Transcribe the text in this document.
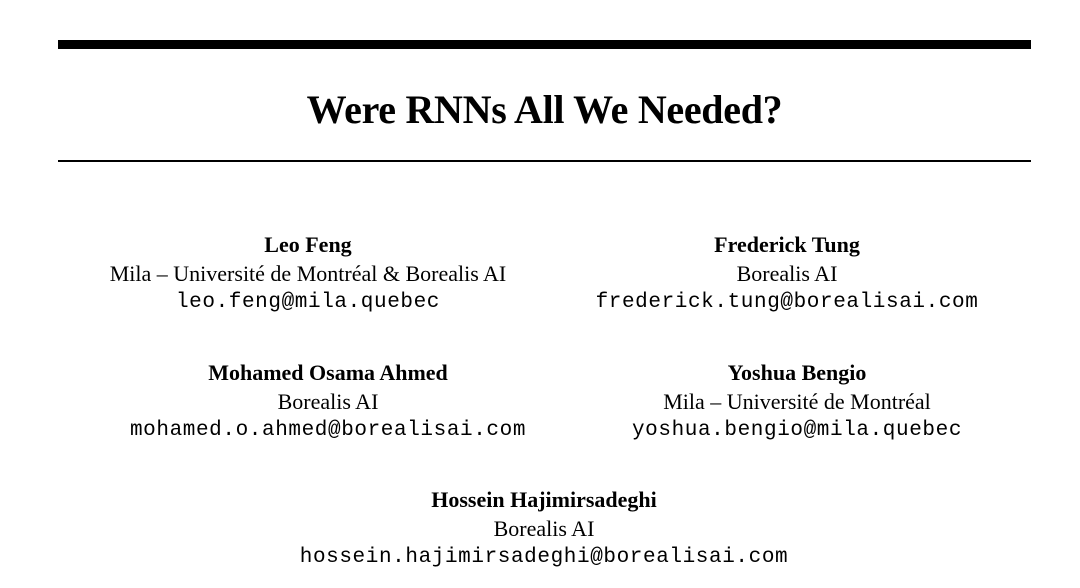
Were RNNs All We Needed?
Leo Feng
Mila – Université de Montréal & Borealis AI
leo.feng@mila.quebec
Frederick Tung
Borealis AI
frederick.tung@borealisai.com
Mohamed Osama Ahmed
Borealis AI
mohamed.o.ahmed@borealisai.com
Yoshua Bengio
Mila – Université de Montréal
yoshua.bengio@mila.quebec
Hossein Hajimirsadeghi
Borealis AI
hossein.hajimirsadeghi@borealisai.com
